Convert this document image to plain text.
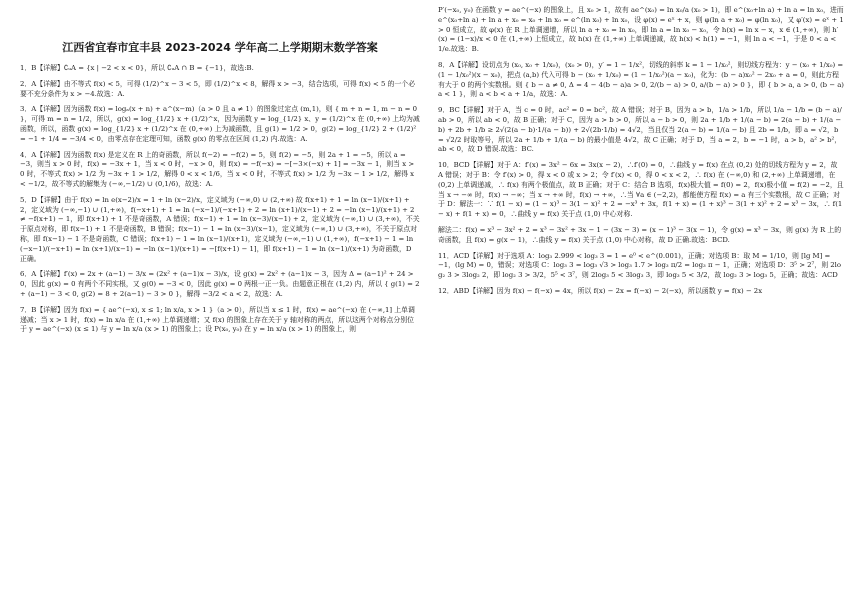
江西省宜春市宜丰县 2023-2024 学年高二上学期期末数学答案

1．B【详解】∁ᵤA = {x | −2 < x < 0}，所以 ∁ᵤA ∩ B = {−1}，故选:B.

2．A【详解】由不等式 f(x) < 5，可得 (1/2)^x − 3 < 5，即 (1/2)^x < 8，解得 x > −3，结合选项，可得 f(x) < 5 的一个必要不充分条件为 x > −4.故选：A.

3．A【详解】因为函数 f(x) = logₐ(x + n) + a^(x−m)（a > 0 且 a ≠ 1）的图象过定点 (m,1)，则 { m + n = 1, m − n = 0 }，可得 m = n = 1/2，所以，g(x) = log_{1/2} x + (1/2)^x，因为函数 y = log_{1/2} x、y = (1/2)^x 在 (0,+∞) 上均为减函数，所以，函数 g(x) = log_{1/2} x + (1/2)^x 在 (0,+∞) 上为减函数，且 g(1) = 1/2 > 0，g(2) = log_{1/2} 2 + (1/2)² = −1 + 1/4 = −3/4 < 0，由零点存在定理可知，函数 g(x) 的零点在区间 (1,2) 内.故选：A.

4．A【详解】因为函数 f(x) 是定义在 R 上的奇函数，所以 f(−2) = −f(2) = 5，则 f(2) = −5，则 2a + 1 = −5，所以 a = −3，则当 x > 0 时，f(x) = −3x + 1，当 x < 0 时，−x > 0，则 f(x) = −f(−x) = −[−3×(−x) + 1] = −3x − 1，则当 x > 0 时，不等式 f(x) > 1/2 为 −3x + 1 > 1/2，解得 0 < x < 1/6，当 x < 0 时，不等式 f(x) > 1/2 为 −3x − 1 > 1/2，解得 x < −1/2，故不等式的解集为 (−∞,−1/2) ∪ (0,1/6)，故选：A.

5．D【详解】由于 f(x) = ln e(x−2)/x = 1 + ln (x−2)/x，定义域为 (−∞,0) ∪ (2,+∞) 故 f(x+1) + 1 = ln (x−1)/(x+1) + 2，定义域为 (−∞,−1) ∪ (1,+∞)，f(−x+1) + 1 = ln (−x−1)/(−x+1) + 2 = ln (x+1)/(x−1) + 2 = −ln (x−1)/(x+1) + 2 ≠ −f(x+1) − 1，即 f(x+1) + 1 不是奇函数，A 错误；f(x−1) + 1 = ln (x−3)/(x−1) + 2，定义域为 (−∞,1) ∪ (3,+∞)，不关于原点对称，即 f(x−1) + 1 不是奇函数，B 错误；f(x−1) − 1 = ln (x−3)/(x−1)，定义域为 (−∞,1) ∪ (3,+∞)，不关于原点对称，即 f(x−1) − 1 不是奇函数，C 错误；f(x+1) − 1 = ln (x−1)/(x+1)，定义域为 (−∞,−1) ∪ (1,+∞)，f(−x+1) − 1 = ln (−x−1)/(−x+1) = ln (x+1)/(x−1) = −ln (x−1)/(x+1) = −[f(x+1) − 1]，即 f(x+1) − 1 = ln (x−1)/(x+1) 为奇函数，D 正确。

6．A【详解】f′(x) = 2x + (a−1) − 3/x = (2x² + (a−1)x − 3)/x，设 g(x) = 2x² + (a−1)x − 3，因为 Δ = (a−1)² + 24 > 0，因此 g(x) = 0 有两个不同实根，又 g(0) = −3 < 0，因此 g(x) = 0 两根一正一负。由题意正根在 (1,2) 内，所以 { g(1) = 2 + (a−1) − 3 < 0, g(2) = 8 + 2(a−1) − 3 > 0 }，解得 −3/2 < a < 2，故选：A.

7．B【详解】因为 f(x) = { ae^(−x), x ≤ 1; ln x/a, x > 1 }（a > 0），所以当 x ≤ 1 时，f(x) = ae^(−x) 在 (−∞,1] 上单调递减；当 x > 1 时，f(x) = ln x/a 在 (1,+∞) 上单调递增；又 f(x) 的图象上存在关于 y 轴对称的两点，所以这两个对称点分别位于 y = ae^(−x) (x ≤ 1) 与 y = ln x/a (x > 1) 的图象上；设 P(x₀, y₀) 在 y = ln x/a (x > 1) 的图象上，则

P′(−x₀, y₀) 在函数 y = ae^(−x) 的图象上，且 x₀ > 1，故有 ae^(x₀) = ln x₀/a (x₀ > 1)，即 e^(x₀+ln a) + ln a = ln x₀，进而 e^(x₀+ln a) + ln a + x₀ = x₀ + ln x₀ = e^(ln x₀) + ln x₀，设 φ(x) = eˣ + x，则 φ(ln a + x₀) = φ(ln x₀)，又 φ′(x) = eˣ + 1 > 0 恒成立，故 φ(x) 在 R 上单调递增，所以 ln a + x₀ = ln x₀，即 ln a = ln x₀ − x₀，令 h(x) = ln x − x，x ∈ (1,+∞)，则 h′(x) = (1−x)/x < 0 在 (1,+∞) 上恒成立，故 h(x) 在 (1,+∞) 上单调递减，故 h(x) < h(1) = −1，则 ln a < −1，于是 0 < a < 1/e.故选：B.

8．A【详解】设切点为 (x₀, x₀ + 1/x₀)，(x₀ > 0)，y′ = 1 − 1/x²，切线的斜率 k = 1 − 1/x₀²，则切线方程为：y − (x₀ + 1/x₀) = (1 − 1/x₀²)(x − x₀)，把点 (a,b) 代入可得 b − (x₀ + 1/x₀) = (1 − 1/x₀²)(a − x₀)，化为：(b − a)x₀² − 2x₀ + a = 0，则此方程有大于 0 的两个实数根。则 { b − a ≠ 0, Δ = 4 − 4(b − a)a > 0, 2/(b − a) > 0, a/(b − a) > 0 }，即 { b > a, a > 0, (b − a)a < 1 }，则 a < b < a + 1/a，故选：A.

9．BC【详解】对于 A，当 c = 0 时，ac² = 0 = bc²，故 A 错误；对于 B，因为 a > b，1/a > 1/b，所以 1/a − 1/b = (b − a)/ab > 0，所以 ab < 0，故 B 正确；对于 C，因为 a > b > 0，所以 a − b > 0，则 2a + 1/b + 1/(a − b) = 2(a − b) + 1/(a − b) + 2b + 1/b ≥ 2√(2(a − b)·1/(a − b)) + 2√(2b·1/b) = 4√2，当且仅当 2(a − b) = 1/(a − b) 且 2b = 1/b，即 a = √2，b = √2/2 时取等号，所以 2a + 1/b + 1/(a − b) 的最小值是 4√2，故 C 正确；对于 D，当 a = 2，b = −1 时，a > b，a² > b²，ab < 0，故 D 错误.故选：BC.

10．BCD【详解】对于 A：f′(x) = 3x² − 6x = 3x(x − 2)，∴f′(0) = 0，∴曲线 y = f(x) 在点 (0,2) 处的切线方程为 y = 2，故 A 错误；对于 B：令 f′(x) > 0，得 x < 0 或 x > 2；令 f′(x) < 0，得 0 < x < 2，∴ f(x) 在 (−∞,0) 和 (2,+∞) 上单调递增，在 (0,2) 上单调递减，∴ f(x) 有两个极值点，故 B 正确；对于 C：结合 B 选项，f(x)极大值 = f(0) = 2，f(x)极小值 = f(2) = −2，且当 x → −∞ 时，f(x) → −∞；当 x → +∞ 时，f(x) → +∞，∴当 ∀a ∈ (−2,2)，都能使方程 f(x) = a 有三个实数根，故 C 正确；对于 D：解法一：∵ f(1 − x) = (1 − x)³ − 3(1 − x)² + 2 = −x³ + 3x，f(1 + x) = (1 + x)³ − 3(1 + x)² + 2 = x³ − 3x，∴ f(1 − x) + f(1 + x) = 0，∴曲线 y = f(x) 关于点 (1,0) 中心对称.

解法二：f(x) = x³ − 3x² + 2 = x³ − 3x² + 3x − 1 − (3x − 3) = (x − 1)³ − 3(x − 1)，令 g(x) = x³ − 3x，则 g(x) 为 R 上的奇函数，且 f(x) = g(x − 1)，∴曲线 y = f(x) 关于点 (1,0) 中心对称，故 D 正确.故选：BCD.

11．ACD【详解】对于选项 A：log₃ 2.999 < log₃ 3 = 1 = e⁰ < e^(0.001)，正确；对选项 B：取 M = 1/10，则 [lg M] = −1，(lg M) = 0，错误；对选项 C：log₃ 3 = log₃ √3 > log₃ 1.7 > log₃ π/2 = log₃ π − 1，正确；对选项 D：3⁵ > 2⁷，则 2log₂ 3 > 3log₂ 2，即 log₂ 3 > 3/2，5⁵ < 3⁷，则 2log₃ 5 < 3log₃ 3，即 log₃ 5 < 3/2，故 log₂ 3 > log₃ 5，正确；故选：ACD

12．ABD【详解】因为 f(x) − f(−x) = 4x，所以 f(x) − 2x = f(−x) − 2(−x)，所以函数 y = f(x) − 2x
